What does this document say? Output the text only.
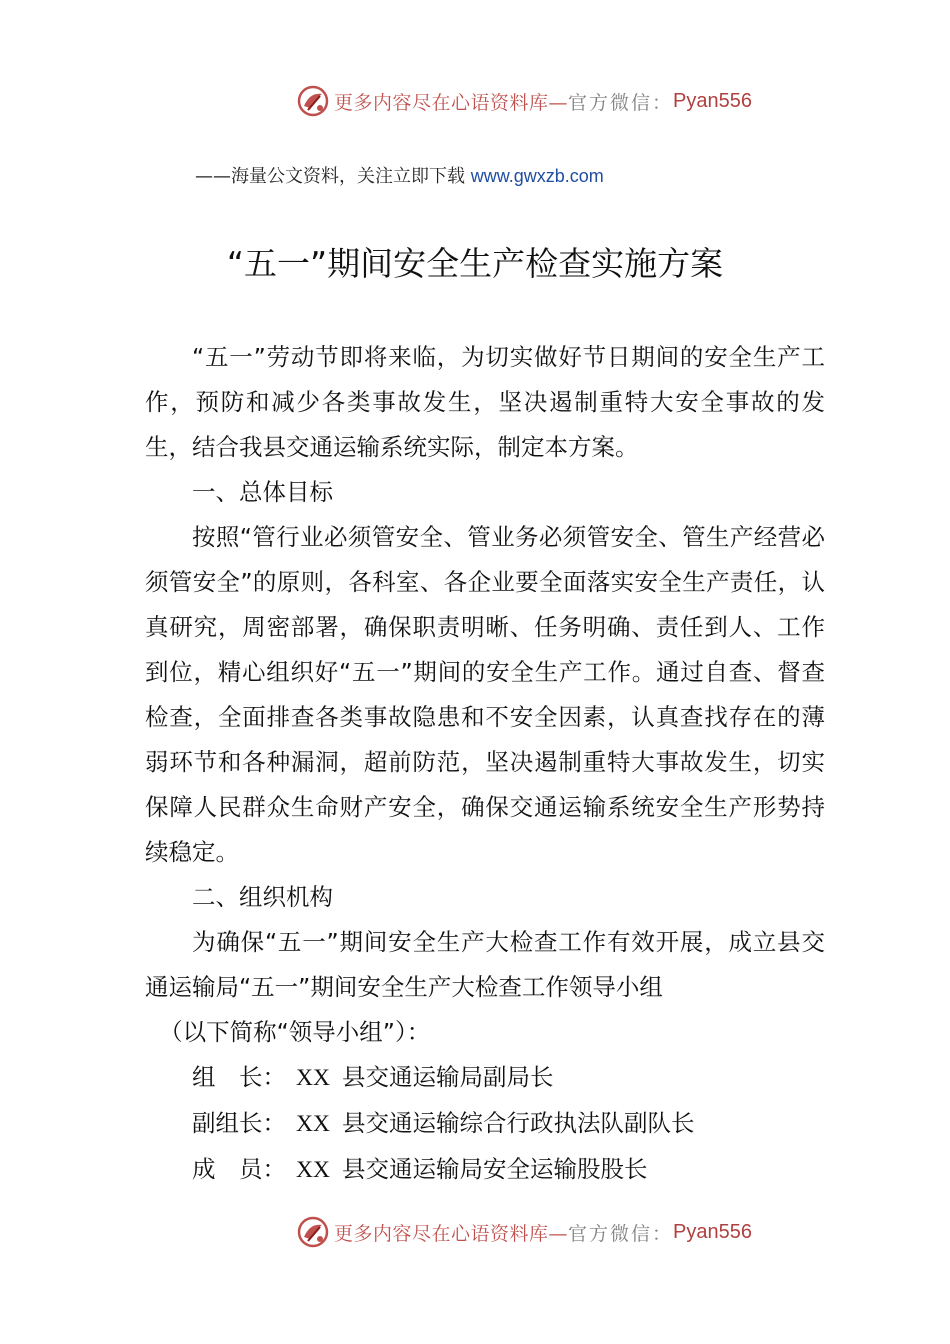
更多内容尽在心语资料库— 官方微信： Pyan556
——海量公文资料，关注立即下载 www.gwxzb.com
“五一”期间安全生产检查实施方案

“五一”劳动节即将来临，为切实做好节日期间的安全生产工作，预防和减少各类事故发生，坚决遏制重特大安全事故的发生，结合我县交通运输系统实际，制定本方案。

一、总体目标

按照“管行业必须管安全、管业务必须管安全、管生产经营必须管安全”的原则，各科室、各企业要全面落实安全生产责任，认真研究，周密部署，确保职责明晰、任务明确、责任到人、工作到位，精心组织好“五一”期间的安全生产工作。通过自查、督查检查，全面排查各类事故隐患和不安全因素，认真查找存在的薄弱环节和各种漏洞，超前防范，坚决遏制重特大事故发生，切实保障人民群众生命财产安全，确保交通运输系统安全生产形势持续稳定。

二、组织机构

为确保“五一”期间安全生产大检查工作有效开展，成立县交通运输局“五一”期间安全生产大检查工作领导小组

（以下简称“领导小组”）：

组　长： XX 县交通运输局副局长

副组长： XX 县交通运输综合行政执法队副队长

成　员： XX 县交通运输局安全运输股股长

更多内容尽在心语资料库— 官方微信： Pyan556
